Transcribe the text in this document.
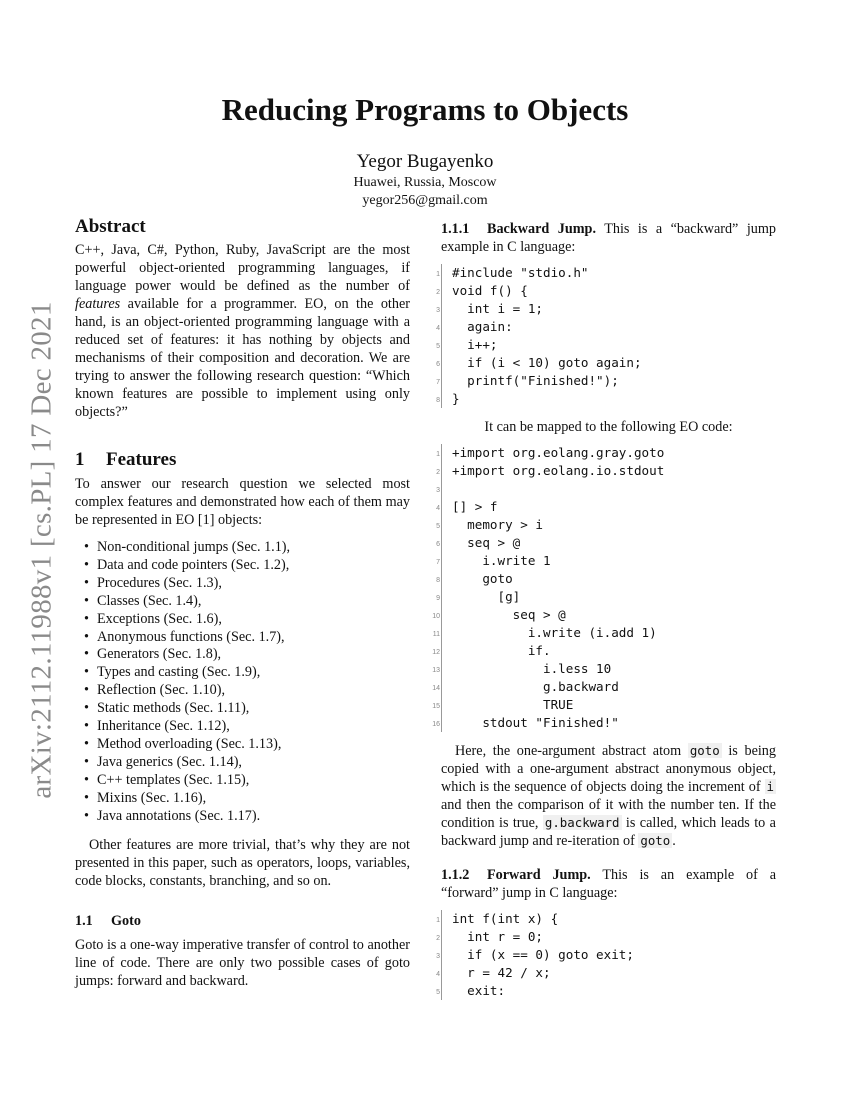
arXiv:2112.11988v1 [cs.PL] 17 Dec 2021
Reducing Programs to Objects
Yegor Bugayenko
Huawei, Russia, Moscow
yegor256@gmail.com
Abstract

C++, Java, C#, Python, Ruby, JavaScript are the most powerful object-oriented programming languages, if language power would be defined as the number of features available for a programmer. EO, on the other hand, is an object-oriented programming language with a reduced set of features: it has nothing by objects and mechanisms of their composition and decoration. We are trying to answer the following research question: “Which known features are possible to implement using only objects?”

1 Features

To answer our research question we selected most complex features and demonstrated how each of them may be represented in EO [1] objects:

• Non-conditional jumps (Sec. 1.1),
• Data and code pointers (Sec. 1.2),
• Procedures (Sec. 1.3),
• Classes (Sec. 1.4),
• Exceptions (Sec. 1.6),
• Anonymous functions (Sec. 1.7),
• Generators (Sec. 1.8),
• Types and casting (Sec. 1.9),
• Reflection (Sec. 1.10),
• Static methods (Sec. 1.11),
• Inheritance (Sec. 1.12),
• Method overloading (Sec. 1.13),
• Java generics (Sec. 1.14),
• C++ templates (Sec. 1.15),
• Mixins (Sec. 1.16),
• Java annotations (Sec. 1.17).

Other features are more trivial, that’s why they are not presented in this paper, such as operators, loops, variables, code blocks, constants, branching, and so on.

1.1 Goto

Goto is a one-way imperative transfer of control to another line of code. There are only two possible cases of goto jumps: forward and backward.

1.1.1 Backward Jump. This is a “backward” jump example in C language:

1 #include "stdio.h"
2 void f() {
3 int i = 1;
4 again:
5 i++;
6 if (i < 10) goto again;
7 printf("Finished!");
8 }

It can be mapped to the following EO code:

1 +import org.eolang.gray.goto
2 +import org.eolang.io.stdout
3
4 [] > f
5 memory > i
6 seq > @
7 i.write 1
8 goto
9 [g]
10 seq > @
11 i.write (i.add 1)
12 if.
13 i.less 10
14 g.backward
15 TRUE
16 stdout "Finished!"

Here, the one-argument abstract atom goto is being copied with a one-argument abstract anonymous object, which is the sequence of objects doing the increment of i and then the comparison of it with the number ten. If the condition is true, g.backward is called, which leads to a backward jump and re-iteration of goto .

1.1.2 Forward Jump. This is an example of a “forward” jump in C language:

1 int f(int x) {
2 int r = 0;
3 if (x == 0) goto exit;
4 r = 42 / x;
5 exit:
